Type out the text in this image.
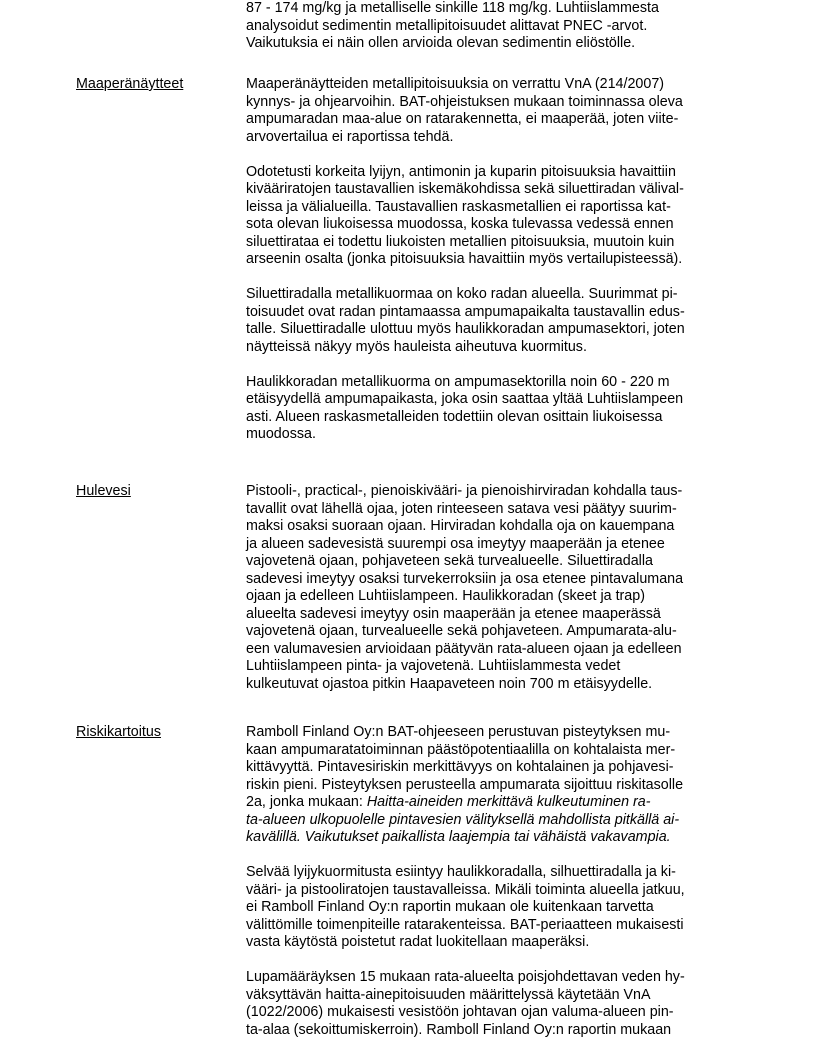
87 - 174 mg/kg ja metalliselle sinkille 118 mg/kg. Luhtiislammesta
analysoidut sedimentin metallipitoisuudet alittavat PNEC -arvot.
Vaikutuksia ei näin ollen arvioida olevan sedimentin eliöstölle.
Maaperänäytteet	Maaperänäytteiden metallipitoisuuksia on verrattu VnA (214/2007)
kynnys- ja ohjearvoihin. BAT-ohjeistuksen mukaan toiminnassa oleva
ampumaradan maa-alue on ratarakennetta, ei maaperää, joten viite-
arvovertailua ei raportissa tehdä.
Odotetusti korkeita lyijyn, antimonin ja kuparin pitoisuuksia havaittiin
kivääriratojen taustavallien iskemäkohdissa sekä siluettiradan välival-
leissa ja välialueilla. Taustavallien raskasmetallien ei raportissa kat-
sota olevan liukoisessa muodossa, koska tulevassa vedessä ennen
siluettirataa ei todettu liukoisten metallien pitoisuuksia, muutoin kuin
arseenin osalta (jonka pitoisuuksia havaittiin myös vertailupisteessä).
Siluettiradalla metallikuormaa on koko radan alueella. Suurimmat pi-
toisuudet ovat radan pintamaassa ampumapaikalta taustavallin edus-
talle. Siluettiradalle ulottuu myös haulikkoradan ampumasektori, joten
näytteissä näkyy myös hauleista aiheutuva kuormitus.
Haulikkoradan metallikuorma on ampumasektorilla noin 60 - 220 m
etäisyydellä ampumapaikasta, joka osin saattaa yltää Luhtiislampeen
asti. Alueen raskasmetalleiden todettiin olevan osittain liukoisessa
muodossa.
Hulevesi	Pistooli-, practical-, pienoiskivääri- ja pienoishirviradan kohdalla taus-
tavallit ovat lähellä ojaa, joten rinteeseen satava vesi päätyy suurim-
maksi osaksi suoraan ojaan. Hirviradan kohdalla oja on kauempana
ja alueen sadevesistä suurempi osa imeytyy maaperään ja etenee
vajovetenä ojaan, pohjaveteen sekä turvealueelle. Siluettiradalla
sadevesi imeytyy osaksi turvekerroksiin ja osa etenee pintavalumana
ojaan ja edelleen Luhtiislampeen. Haulikkoradan (skeet ja trap)
alueelta sadevesi imeytyy osin maaperään ja etenee maaperässä
vajovetenä ojaan, turvealueelle sekä pohjaveteen. Ampumarata-alu-
een valumavesien arvioidaan päätyvän rata-alueen ojaan ja edelleen
Luhtiislampeen pinta- ja vajovetenä. Luhtiislammesta vedet
kulkeutuvat ojastoa pitkin Haapaveteen noin 700 m etäisyydelle.
Riskikartoitus	Ramboll Finland Oy:n BAT-ohjeeseen perustuvan pisteytyksen mu-
kaan ampumaratatoiminnan päästöpotentiaalilla on kohtalaista mer-
kittävyyttä. Pintavesiriskin merkittävyys on kohtalainen ja pohjavesi-
riskin pieni. Pisteytyksen perusteella ampumarata sijoittuu riskitasolle
2a, jonka mukaan: Haitta-aineiden merkittävä kulkeutuminen ra-
ta-alueen ulkopuolelle pintavesien välityksellä mahdollista pitkällä ai-
kavälillä. Vaikutukset paikallista laajempia tai vähäistä vakavampia.
Selvää lyijykuormitusta esiintyy haulikkoradalla, silhuettiradalla ja ki-
vääri- ja pistooliratojen taustavalleissa. Mikäli toiminta alueella jatkuu,
ei Ramboll Finland Oy:n raportin mukaan ole kuitenkaan tarvetta
välittömille toimenpiteille ratarakenteissa. BAT-periaatteen mukaisesti
vasta käytöstä poistetut radat luokitellaan maaperäksi.
Lupamääräyksen 15 mukaan rata-alueelta poisjohdettavan veden hy-
väksyttävän haitta-ainepitoisuuden määrittelyssä käytetään VnA
(1022/2006) mukaisesti vesistöön johtavan ojan valuma-alueen pin-
ta-alaa (sekoittumiskerroin). Ramboll Finland Oy:n raportin mukaan
